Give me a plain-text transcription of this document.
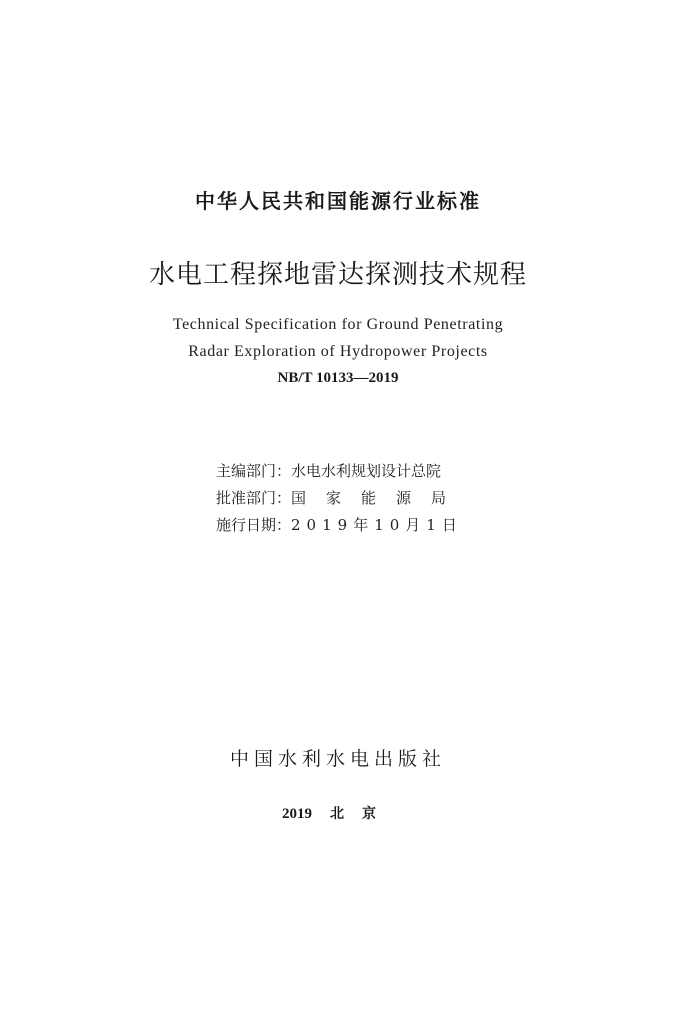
中华人民共和国能源行业标准
水电工程探地雷达探测技术规程
Technical Specification for Ground Penetrating
Radar Exploration of Hydropower Projects
NB/T 10133—2019
主编部门：水电水利规划设计总院
批准部门：国家能源局
施行日期：2019年10月1日
中国水利水电出版社
2019 北京
